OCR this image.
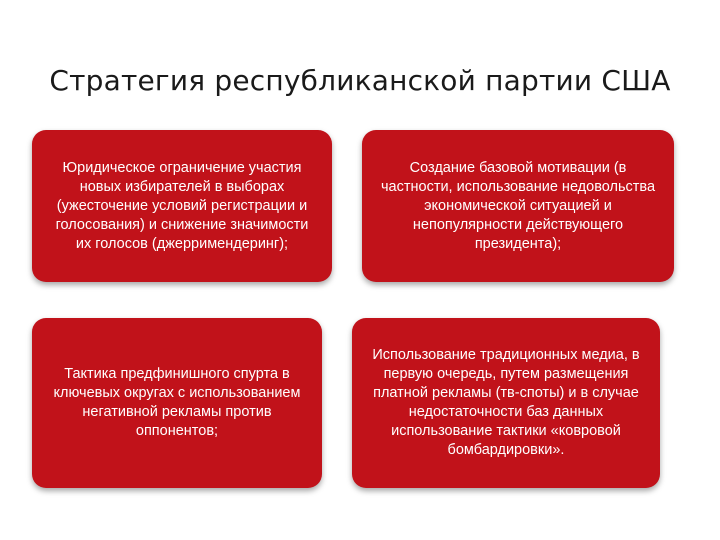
Стратегия республиканской партии США
Юридическое ограничение участия
новых избирателей в выборах
(ужесточение условий регистрации и
голосования) и снижение значимости
их голосов (джерримендеринг);
Создание базовой мотивации (в
частности, использование недовольства
экономической ситуацией и
непопулярности действующего
президента);
Тактика предфинишного спурта в
ключевых округах с использованием
негативной рекламы против
оппонентов;
Использование традиционных медиа, в
первую очередь, путем размещения
платной рекламы (тв-споты) и в случае
недостаточности баз данных
использование тактики «ковровой
бомбардировки».
